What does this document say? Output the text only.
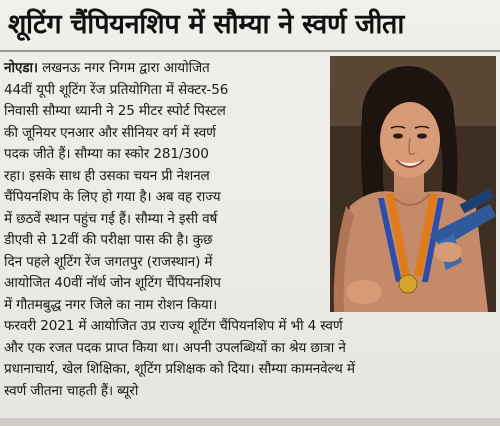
शूटिंग चैंपियनशिप में सौम्या ने स्वर्ण जीता
नोएडा। लखनऊ नगर निगम द्वारा आयोजित
44वीं यूपी शूटिंग रेंज प्रतियोगिता में सेक्टर-56
निवासी सौम्या ध्यानी ने 25 मीटर स्पोर्ट पिस्टल
की जूनियर एनआर और सीनियर वर्ग में स्वर्ण
पदक जीते हैं। सौम्या का स्कोर 281/300
रहा। इसके साथ ही उसका चयन प्री नेशनल
चैंपियनशिप के लिए हो गया है। अब वह राज्य
में छठवें स्थान पहुंच गई हैं। सौम्या ने इसी वर्ष
डीएवी से 12वीं की परीक्षा पास की है। कुछ
दिन पहले शूटिंग रेंज जगतपुर (राजस्थान) में
आयोजित 40वीं नॉर्थ जोन शूटिंग चैंपियनशिप
में गौतमबुद्ध नगर जिले का नाम रोशन किया।
फरवरी 2021 में आयोजित उप्र राज्य शूटिंग चैंपियनशिप में भी 4 स्वर्ण
और एक रजत पदक प्राप्त किया था। अपनी उपलब्धियों का श्रेय छात्रा ने
प्रधानाचार्य, खेल शिक्षिका, शूटिंग प्रशिक्षक को दिया। सौम्या कामनवेल्थ में
स्वर्ण जीतना चाहती हैं। ब्यूरो
